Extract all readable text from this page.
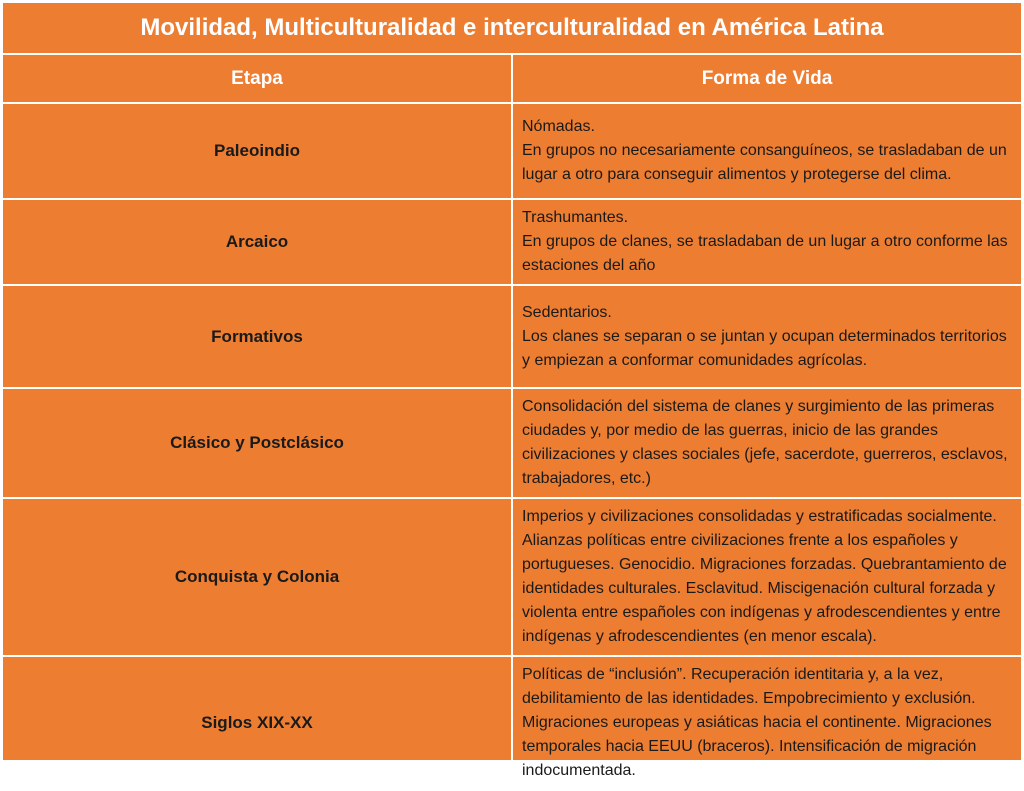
Movilidad, Multiculturalidad e interculturalidad en América Latina	
Etapa	Forma de Vida
Paleoindio	Nómadas.
En grupos no necesariamente consanguíneos, se trasladaban de un lugar a otro para conseguir alimentos y protegerse del clima.

Arcaico	Trashumantes.
En grupos de clanes, se trasladaban de un lugar a otro conforme las estaciones del año

Formativos	Sedentarios.
Los clanes se separan o se juntan y ocupan determinados territorios y empiezan a conformar comunidades agrícolas.

Clásico y Postclásico	Consolidación del sistema de clanes y surgimiento de las primeras ciudades y, por medio de las guerras, inicio de las grandes civilizaciones y clases sociales (jefe, sacerdote, guerreros, esclavos, trabajadores, etc.)

Conquista y Colonia	Imperios y civilizaciones consolidadas y estratificadas socialmente. Alianzas políticas entre civilizaciones frente a los españoles y portugueses. Genocidio. Migraciones forzadas. Quebrantamiento de identidades culturales. Esclavitud. Miscigenación cultural forzada y violenta entre españoles con indígenas y afrodescendientes y entre indígenas y afrodescendientes (en menor escala).

Siglos XIX-XX	Políticas de “inclusión”. Recuperación identitaria y, a la vez, debilitamiento de las identidades. Empobrecimiento y exclusión. Migraciones europeas y asiáticas hacia el continente. Migraciones temporales hacia EEUU (braceros). Intensificación de migración indocumentada.
